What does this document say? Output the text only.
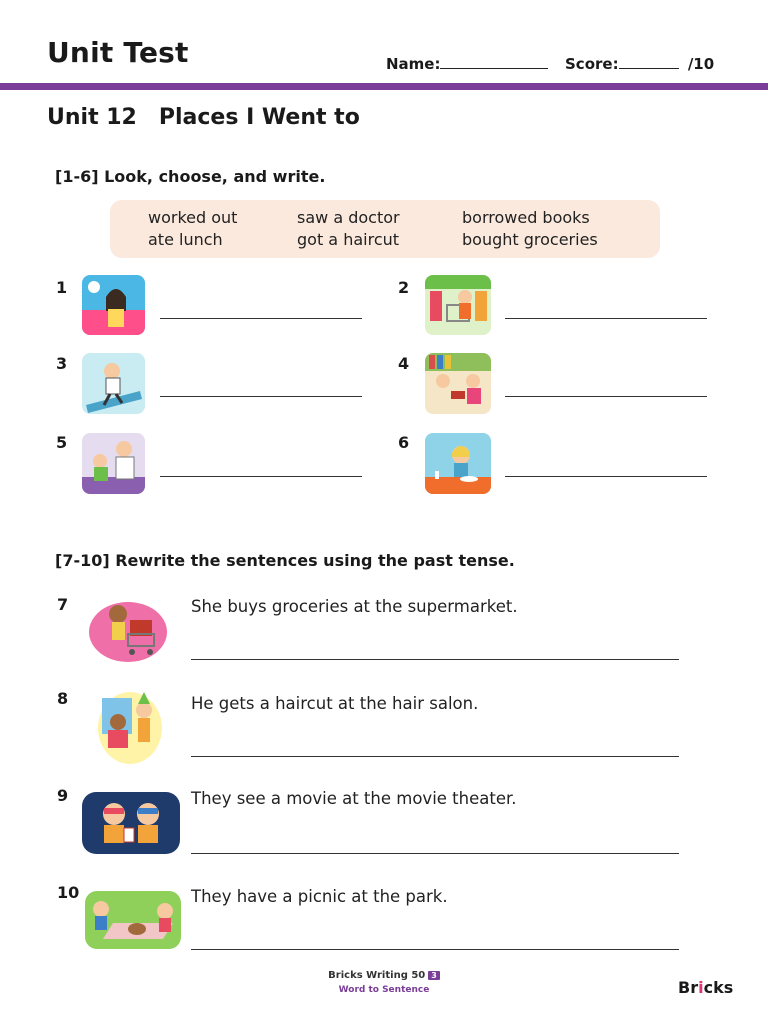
Unit Test	Name:	Score:	/10
Unit 12 Places I Went to
[1-6] Look, choose, and write.
worked out	saw a doctor	borrowed books
ate lunch	got a haircut	bought groceries
1	2
3	4
5	6
[7-10] Rewrite the sentences using the past tense.
7	She buys groceries at the supermarket.
8	He gets a haircut at the hair salon.
9	They see a movie at the movie theater.
10	They have a picnic at the park.
Bricks Writing 50 3
Word to Sentence	Bricks
